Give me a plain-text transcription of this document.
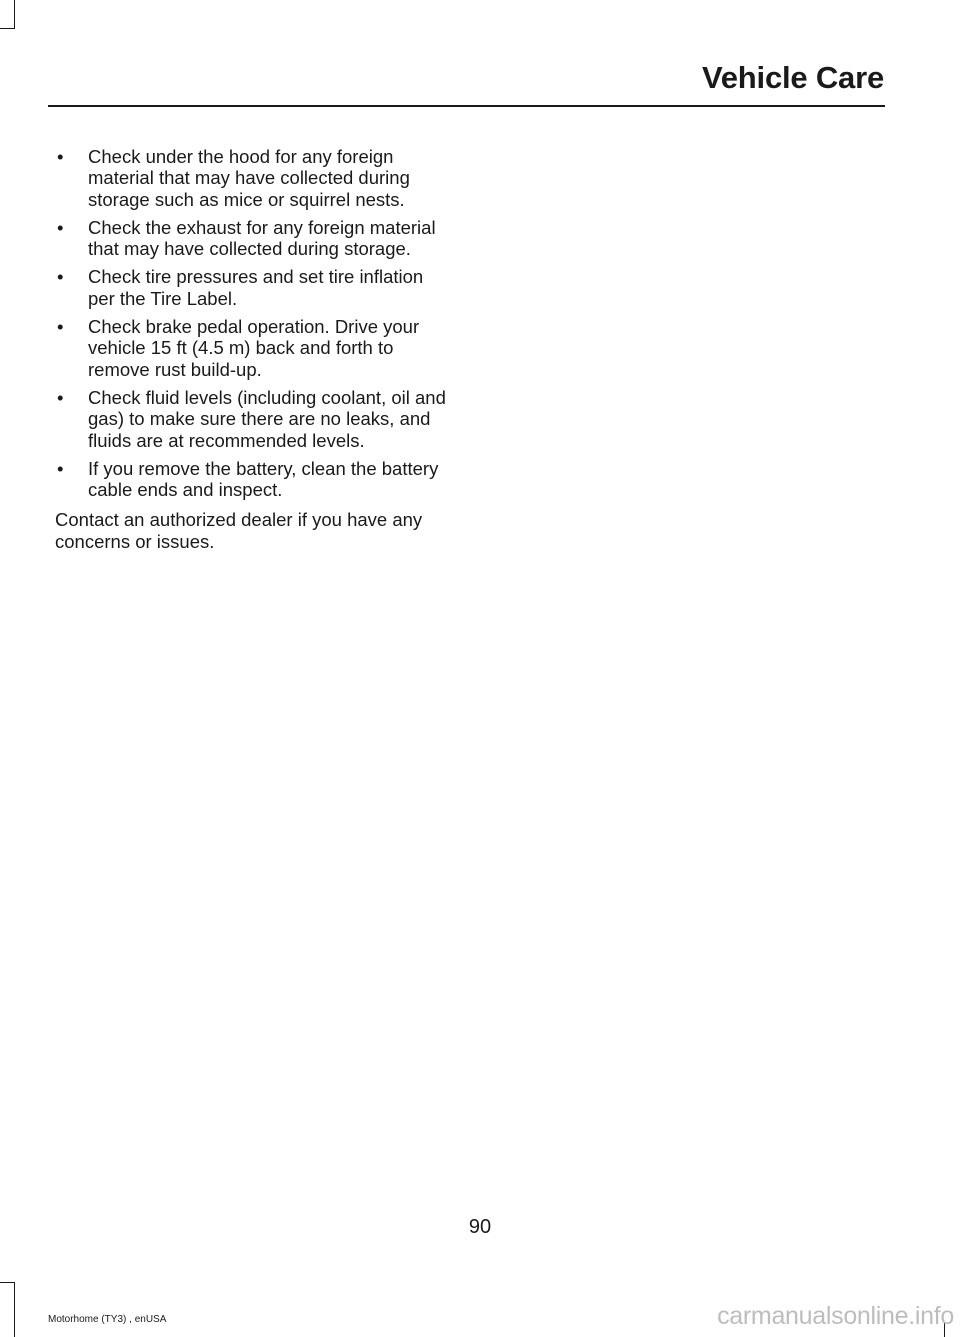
Vehicle Care
• Check under the hood for any foreign material that may have collected during storage such as mice or squirrel nests.
• Check the exhaust for any foreign material that may have collected during storage.
• Check tire pressures and set tire inflation per the Tire Label.
• Check brake pedal operation. Drive your vehicle 15 ft (4.5 m) back and forth to remove rust build-up.
• Check fluid levels (including coolant, oil and gas) to make sure there are no leaks, and fluids are at recommended levels.
• If you remove the battery, clean the battery cable ends and inspect.

Contact an authorized dealer if you have any concerns or issues.

90
Motorhome (TY3) , enUSA	carmanualsonline.info
